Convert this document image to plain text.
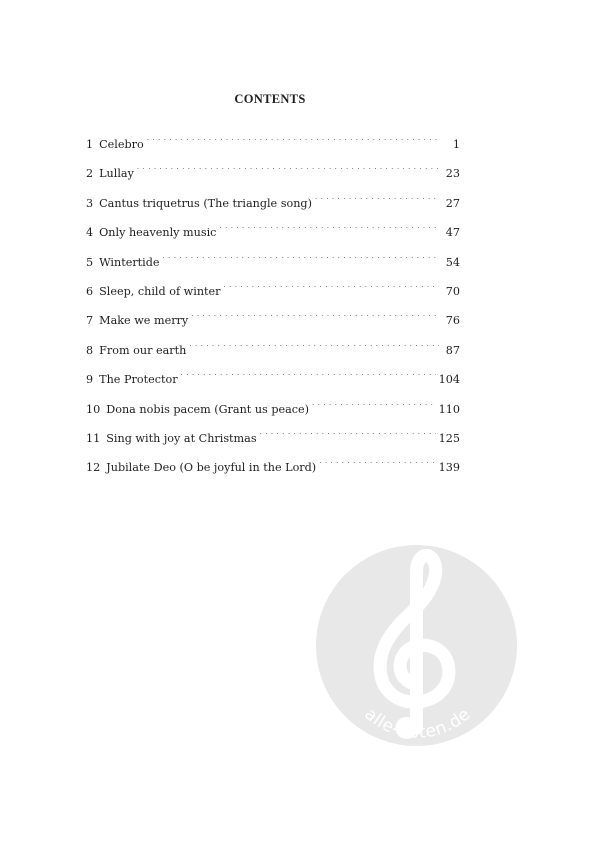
CONTENTS
1 Celebro . . .	1
2 Lullay . . .	23
3 Cantus triquetrus (The triangle song) . . .	27
4 Only heavenly music . . .	47
5 Wintertide . . .	54
6 Sleep, child of winter . . .	70
7 Make we merry . . .	76
8 From our earth . . .	87
9 The Protector . . .	104
10 Dona nobis pacem (Grant us peace) . . .	110
11 Sing with joy at Christmas . . .	125
12 Jubilate Deo (O be joyful in the Lord) . . .	139
alle-noten.de
